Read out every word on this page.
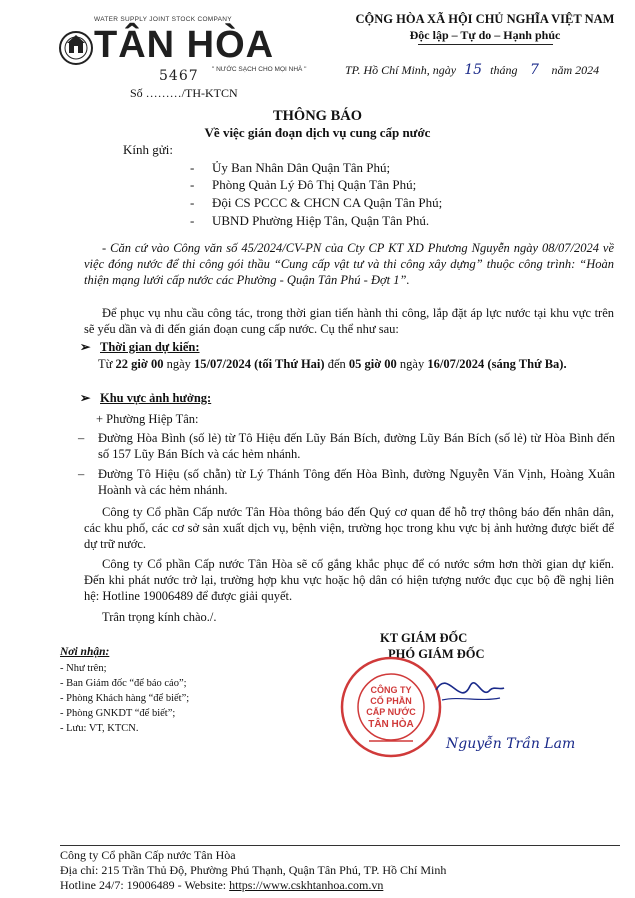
WATER SUPPLY JOINT STOCK COMPANY
TÂN HÒA
" NƯỚC SẠCH CHO MỌI NHÀ "
5467
Số ………/TH-KTCN
CỘNG HÒA XÃ HỘI CHỦ NGHĨA VIỆT NAM
Độc lập – Tự do – Hạnh phúc
TP. Hồ Chí Minh, ngày 15 tháng 7 năm 2024
THÔNG BÁO
Về việc gián đoạn dịch vụ cung cấp nước
Kính gửi:
- Ủy Ban Nhân Dân Quận Tân Phú;
- Phòng Quản Lý Đô Thị Quận Tân Phú;
- Đội CS PCCC & CHCN CA Quận Tân Phú;
- UBND Phường Hiệp Tân, Quận Tân Phú.
- Căn cứ vào Công văn số 45/2024/CV-PN của Cty CP KT XD Phương Nguyễn ngày 08/07/2024 về việc đóng nước để thi công gói thầu “Cung cấp vật tư và thi công xây dựng” thuộc công trình: “Hoàn thiện mạng lưới cấp nước các Phường - Quận Tân Phú - Đợt 1”.
Để phục vụ nhu cầu công tác, trong thời gian tiến hành thi công, lắp đặt áp lực nước tại khu vực trên sẽ yếu dần và đi đến gián đoạn cung cấp nước. Cụ thể như sau:
➢ Thời gian dự kiến:
Từ 22 giờ 00 ngày 15/07/2024 (tối Thứ Hai) đến 05 giờ 00 ngày 16/07/2024 (sáng Thứ Ba).
➢ Khu vực ảnh hưởng:
+ Phường Hiệp Tân:
– Đường Hòa Bình (số lẻ) từ Tô Hiệu đến Lũy Bán Bích, đường Lũy Bán Bích (số lẻ) từ Hòa Bình đến số 157 Lũy Bán Bích và các hẻm nhánh.
– Đường Tô Hiệu (số chẵn) từ Lý Thánh Tông đến Hòa Bình, đường Nguyễn Văn Vịnh, Hoàng Xuân Hoành và các hẻm nhánh.
Công ty Cổ phần Cấp nước Tân Hòa thông báo đến Quý cơ quan để hỗ trợ thông báo đến nhân dân, các khu phố, các cơ sở sản xuất dịch vụ, bệnh viện, trường học trong khu vực bị ảnh hưởng được biết để dự trữ nước.
Công ty Cổ phần Cấp nước Tân Hòa sẽ cố gắng khắc phục để có nước sớm hơn thời gian dự kiến. Đến khi phát nước trở lại, trường hợp khu vực hoặc hộ dân có hiện tượng nước đục cục bộ đề nghị liên hệ: Hotline 19006489 để được giải quyết.
Trân trọng kính chào./.
KT GIÁM ĐỐC
PHÓ GIÁM ĐỐC
CÔNG TY
CỔ PHẦN
CẤP NƯỚC
TÂN HÒA
Nguyễn Trần Lam
Nơi nhận:
- Như trên;
- Ban Giám đốc “để báo cáo”;
- Phòng Khách hàng “để biết”;
- Phòng GNKDT “để biết”;
- Lưu: VT, KTCN.
Công ty Cổ phần Cấp nước Tân Hòa
Địa chỉ: 215 Trần Thủ Độ, Phường Phú Thạnh, Quận Tân Phú, TP. Hồ Chí Minh
Hotline 24/7: 19006489 - Website: https://www.cskhtanhoa.com.vn
